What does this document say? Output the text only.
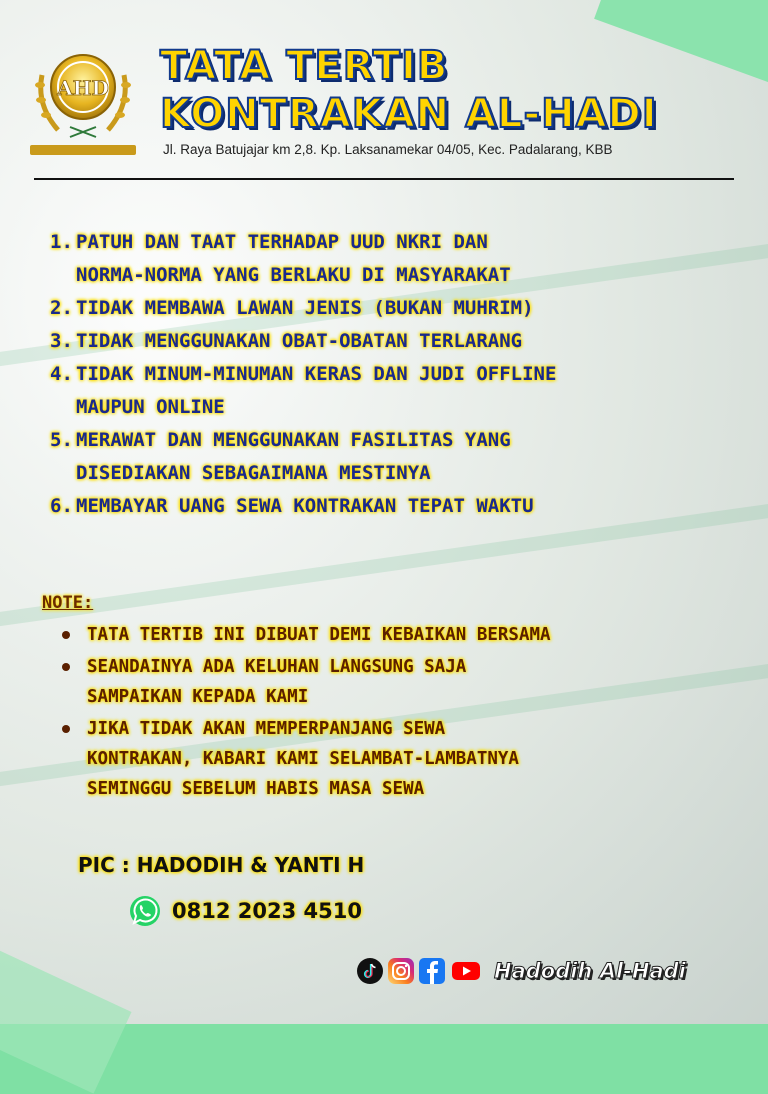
AHD TATA TERTIB
KONTRAKAN AL-HADI
Jl. Raya Batujajar km 2,8. Kp. Laksanamekar 04/05, Kec. Padalarang, KBB
1. PATUH DAN TAAT TERHADAP UUD NKRI DAN
NORMA-NORMA YANG BERLAKU DI MASYARAKAT
2. TIDAK MEMBAWA LAWAN JENIS (BUKAN MUHRIM)
3. TIDAK MENGGUNAKAN OBAT-OBATAN TERLARANG
4. TIDAK MINUM-MINUMAN KERAS DAN JUDI OFFLINE
MAUPUN ONLINE
5. MERAWAT DAN MENGGUNAKAN FASILITAS YANG
DISEDIAKAN SEBAGAIMANA MESTINYA
6. MEMBAYAR UANG SEWA KONTRAKAN TEPAT WAKTU
NOTE:
TATA TERTIB INI DIBUAT DEMI KEBAIKAN BERSAMA
SEANDAINYA ADA KELUHAN LANGSUNG SAJA
SAMPAIKAN KEPADA KAMI
JIKA TIDAK AKAN MEMPERPANJANG SEWA
KONTRAKAN, KABARI KAMI SELAMBAT-LAMBATNYA
SEMINGGU SEBELUM HABIS MASA SEWA
PIC : HADODIH & YANTI H
0812 2023 4510
Hadodih Al-Hadi
